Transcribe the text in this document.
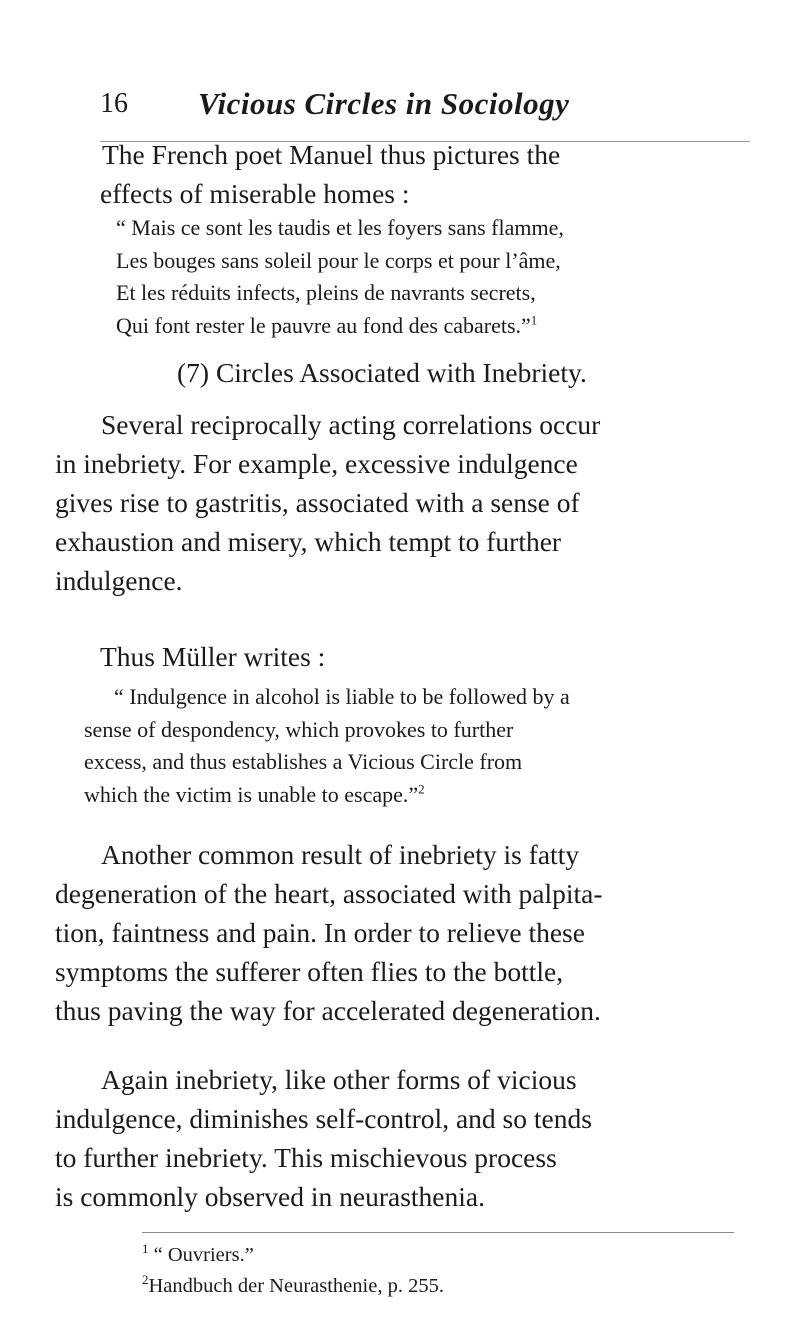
16 Vicious Circles in Sociology

The French poet Manuel thus pictures the
effects of miserable homes :

“ Mais ce sont les taudis et les foyers sans flamme,
Les bouges sans soleil pour le corps et pour l’âme,
Et les réduits infects, pleins de navrants secrets,
Qui font rester le pauvre au fond des cabarets.”$^1$
(7) Circles Associated with Inebriety.

Several reciprocally acting correlations occur
in inebriety. For example, excessive indulgence
gives rise to gastritis, associated with a sense of
exhaustion and misery, which tempt to further
indulgence.

Thus Müller writes :

“ Indulgence in alcohol is liable to be followed by a
sense of despondency, which provokes to further
excess, and thus establishes a Vicious Circle from
which the victim is unable to escape.”$^2$

Another common result of inebriety is fatty
degeneration of the heart, associated with palpita-
tion, faintness and pain. In order to relieve these
symptoms the sufferer often flies to the bottle,
thus paving the way for accelerated degeneration.

Again inebriety, like other forms of vicious
indulgence, diminishes self-control, and so tends
to further inebriety. This mischievous process
is commonly observed in neurasthenia.

$^1$ “ Ouvriers.”
$^2$Handbuch der Neurasthenie, p. 255.
